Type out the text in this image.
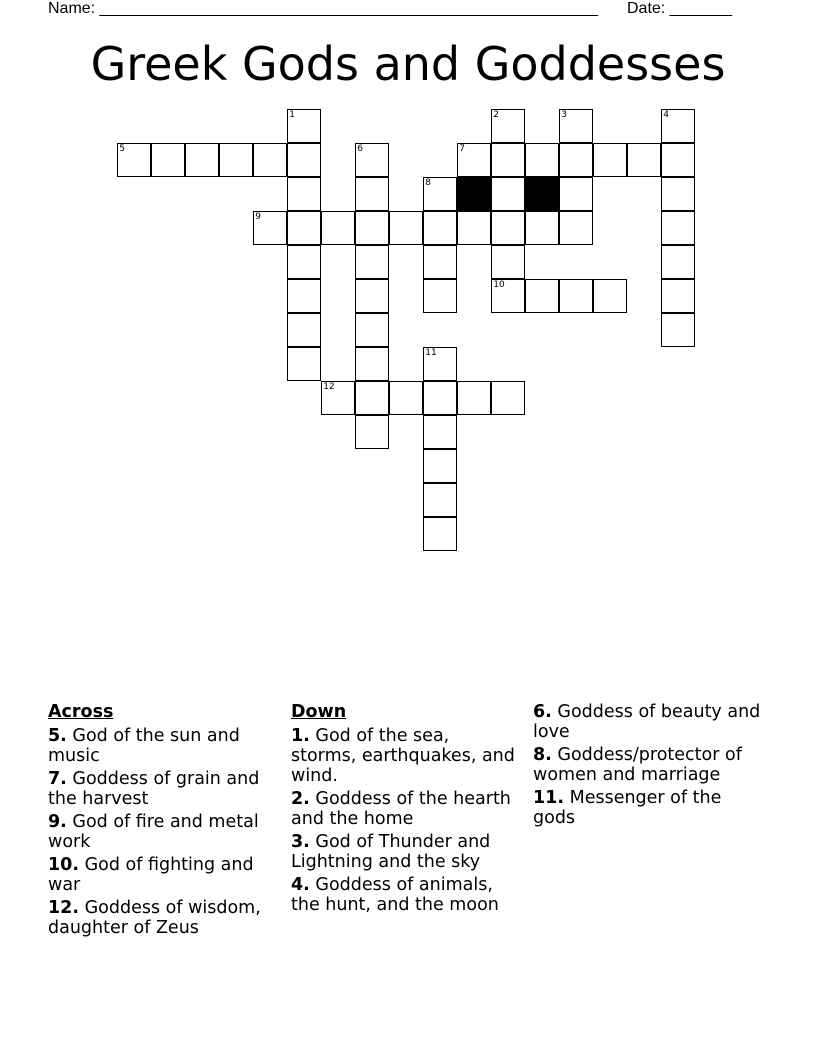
Name: ________________________________________________________ Date: _______
Greek Gods and Goddesses
1	2	3	4
5	6	7
8
9
10
11
12
Across
5. God of the sun and music
7. Goddess of grain and the harvest
9. God of fire and metal work
10. God of fighting and war
12. Goddess of wisdom, daughter of Zeus
Down
1. God of the sea, storms, earthquakes, and wind.
2. Goddess of the hearth and the home
3. God of Thunder and Lightning and the sky
4. Goddess of animals, the hunt, and the moon
6. Goddess of beauty and love
8. Goddess/protector of women and marriage
11. Messenger of the gods
